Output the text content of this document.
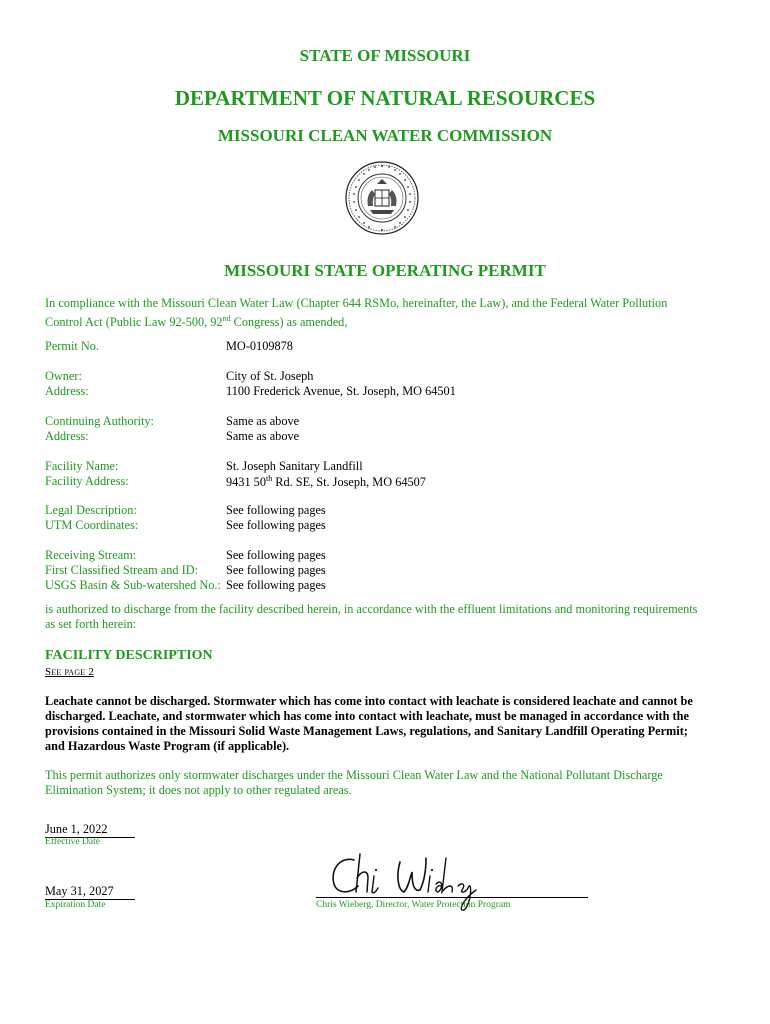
STATE OF MISSOURI
DEPARTMENT OF NATURAL RESOURCES
MISSOURI CLEAN WATER COMMISSION
MISSOURI STATE OPERATING PERMIT
In compliance with the Missouri Clean Water Law (Chapter 644 RSMo, hereinafter, the Law), and the Federal Water Pollution
Control Act (Public Law 92-500, 92nd Congress) as amended,
Permit No.	MO-0109878
Owner:	City of St. Joseph
Address:	1100 Frederick Avenue, St. Joseph, MO 64501
Continuing Authority:	Same as above
Address:	Same as above
Facility Name:	St. Joseph Sanitary Landfill
Facility Address:	9431 50th Rd. SE, St. Joseph, MO 64507
Legal Description:	See following pages
UTM Coordinates:	See following pages
Receiving Stream:	See following pages
First Classified Stream and ID: See following pages
USGS Basin & Sub-watershed No.: See following pages
is authorized to discharge from the facility described herein, in accordance with the effluent limitations and monitoring requirements
as set forth herein:
FACILITY DESCRIPTION
See page 2
Leachate cannot be discharged. Stormwater which has come into contact with leachate is considered leachate and cannot be
discharged. Leachate, and stormwater which has come into contact with leachate, must be managed in accordance with the
provisions contained in the Missouri Solid Waste Management Laws, regulations, and Sanitary Landfill Operating Permit;
and Hazardous Waste Program (if applicable).
This permit authorizes only stormwater discharges under the Missouri Clean Water Law and the National Pollutant Discharge
Elimination System; it does not apply to other regulated areas.
June 1, 2022
Effective Date
May 31, 2027
Expiration Date	Chris Wieberg, Director, Water Protection Program
